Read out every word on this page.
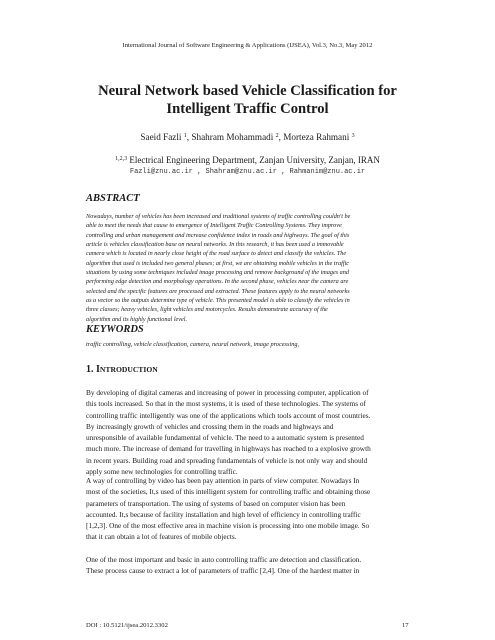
International Journal of Software Engineering & Applications (IJSEA), Vol.3, No.3, May 2012
Neural Network based Vehicle Classification for
Intelligent Traffic Control
Saeid Fazli $^1$, Shahram Mohammadi $^2$, Morteza Rahmani $^3$
$^{1,2,3}$ Electrical Engineering Department, Zanjan University, Zanjan, IRAN
Fazli@znu.ac.ir , Shahram@znu.ac.ir , Rahmanim@znu.ac.ir
ABSTRACT
Nowadays, number of vehicles has been increased and traditional systems of traffic controlling couldn't be
able to meet the needs that cause to emergence of Intelligent Traffic Controlling Systems. They improve
controlling and urban management and increase confidence index in roads and highways. The goal of this
article is vehicles classification base on neural networks. In this research, it has been used a immovable
camera which is located in nearly close height of the road surface to detect and classify the vehicles. The
algorithm that used is included two general phases; at first, we are obtaining mobile vehicles in the traffic
situations by using some techniques included image processing and remove background of the images and
performing edge detection and morphology operations. In the second phase, vehicles near the camera are
selected and the specific features are processed and extracted. These features apply to the neural networks
as a vector so the outputs determine type of vehicle. This presented model is able to classify the vehicles in
three classes; heavy vehicles, light vehicles and motorcycles. Results demonstrate accuracy of the
algorithm and its highly functional level.
KEYWORDS
traffic controlling, vehicle classification, camera, neural network, image processing,
1. INTRODUCTION
By developing of digital cameras and increasing of power in processing computer, application of
this tools increased. So that in the most systems, it is used of these technologies. The systems of
controlling traffic intelligently was one of the applications which tools account of most countries.
By increasingly growth of vehicles and crossing them in the roads and highways and
unresponsible of available fundamental of vehicle. The need to a automatic system is presented
much more. The increase of demand for travelling in highways has reached to a explosive growth
in recent years. Building road and spreading fundamentals of vehicle is not only way and should
apply some new technologies for controlling traffic.
A way of controlling by video has been pay attention in parts of view computer. Nowadays In
most of the societies, It,s used of this intelligent system for controlling traffic and obtaining those
parameters of transportation. The using of systems of based on computer vision has been
accounted. It,s because of facility installation and high level of efficiency in controlling traffic
[1,2,3]. One of the most effective area in machine vision is processing into one mobile image. So
that it can obtain a lot of features of mobile objects.
One of the most important and basic in auto controlling traffic are detection and classification.
These process cause to extract a lot of parameters of traffic [2,4]. One of the hardest matter in
DOI : 10.5121/ijsea.2012.3302	17
